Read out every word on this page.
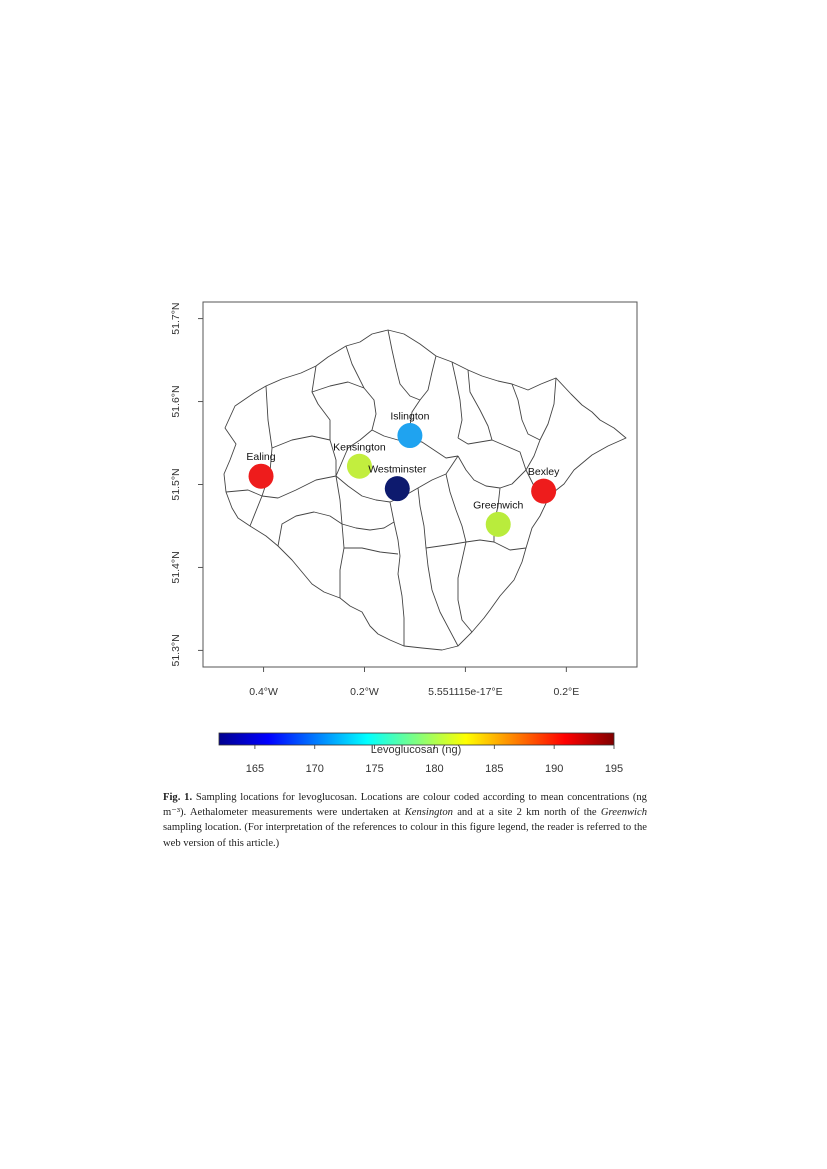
51.7°N
51.6°N
51.5°N
51.4°N
51.3°N
0.4°W	0.2°W	5.551115e-17°E	0.2°E
Islington
Kensington
Ealing
Westminster	Bexley
Greenwich
Levoglucosan (ng)
165	170	175	180	185	190	195
Fig. 1. Sampling locations for levoglucosan. Locations are colour coded according to mean concentrations (ng m⁻³). Aethalometer measurements were undertaken at Kensington and at a site 2 km north of the Greenwich sampling location. (For interpretation of the references to colour in this figure legend, the reader is referred to the web version of this article.)
